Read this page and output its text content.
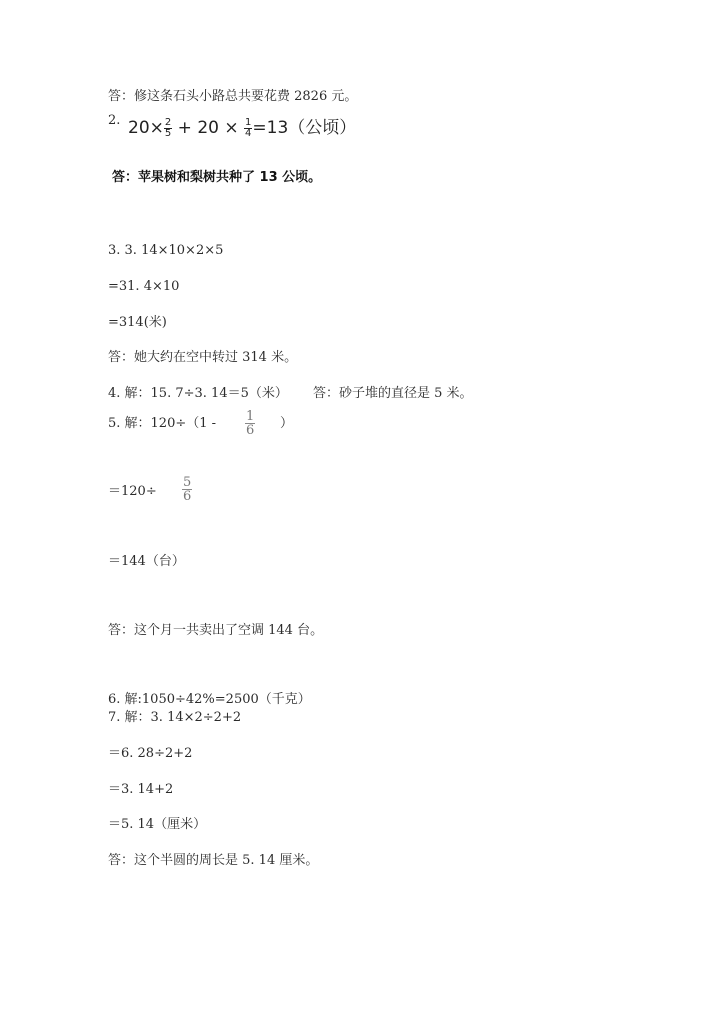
答：修这条石头小路总共要花费 2826 元。
2. $20\times \frac{2}{5} + 20 \times \frac{1}{4} =13$（公顷）
答：苹果树和梨树共种了 13 公顷。
3. 3. 14×10×2×5
=31. 4×10
=314(米)
答：她大约在空中转过 314 米。
4. 解：15. 7÷3. 14＝5（米） 答：砂子堆的直径是 5 米。
5. 解：$120\div(1 - \frac{1}{6}$ ）
$=120\div \frac{5}{6}$
＝144（台）
答：这个月一共卖出了空调 144 台。
6. 解:1050÷42%=2500（千克）
7. 解：3. 14×2÷2+2
＝6. 28÷2+2
＝3. 14+2
＝5. 14（厘米）
答：这个半圆的周长是 5. 14 厘米。
